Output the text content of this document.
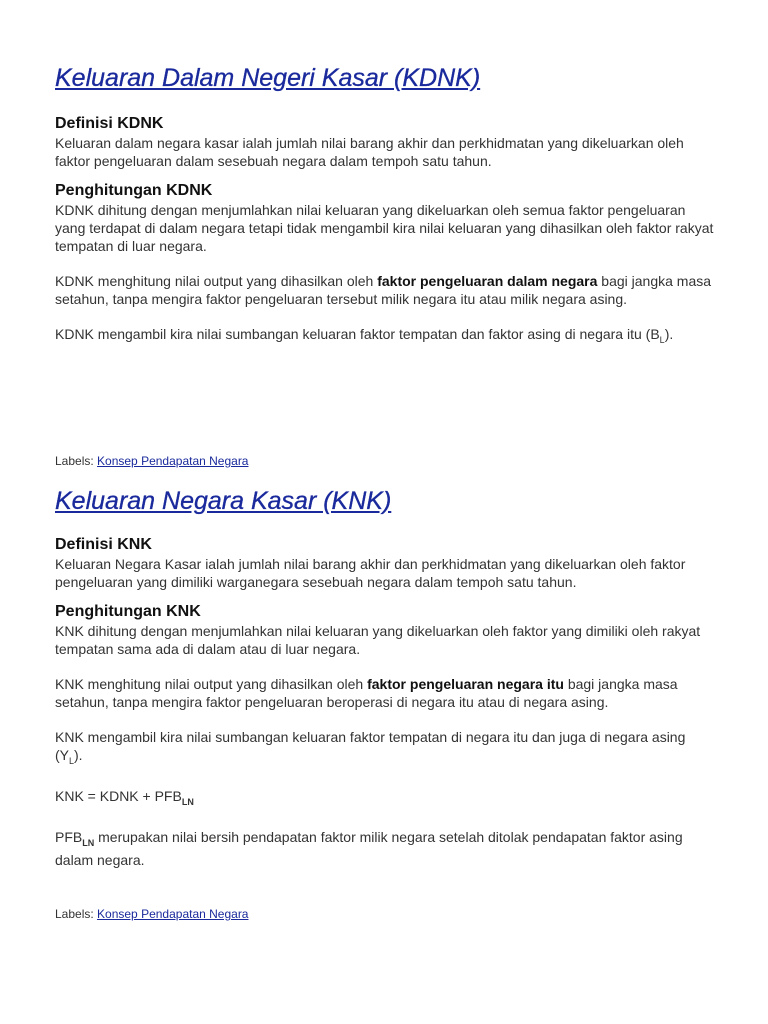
Keluaran Dalam Negeri Kasar (KDNK)
Definisi KDNK

Keluaran dalam negara kasar ialah jumlah nilai barang akhir dan perkhidmatan yang dikeluarkan oleh faktor pengeluaran dalam sesebuah negara dalam tempoh satu tahun.

Penghitungan KDNK

KDNK dihitung dengan menjumlahkan nilai keluaran yang dikeluarkan oleh semua faktor pengeluaran yang terdapat di dalam negara tetapi tidak mengambil kira nilai keluaran yang dihasilkan oleh faktor rakyat tempatan di luar negara.

KDNK menghitung nilai output yang dihasilkan oleh faktor pengeluaran dalam negara bagi jangka masa setahun, tanpa mengira faktor pengeluaran tersebut milik negara itu atau milik negara asing.

KDNK mengambil kira nilai sumbangan keluaran faktor tempatan dan faktor asing di negara itu $(B_L)$.

Labels: Konsep Pendapatan Negara
Keluaran Negara Kasar (KNK)
Definisi KNK

Keluaran Negara Kasar ialah jumlah nilai barang akhir dan perkhidmatan yang dikeluarkan oleh faktor pengeluaran yang dimiliki warganegara sesebuah negara dalam tempoh satu tahun.

Penghitungan KNK

KNK dihitung dengan menjumlahkan nilai keluaran yang dikeluarkan oleh faktor yang dimiliki oleh rakyat tempatan sama ada di dalam atau di luar negara.

KNK menghitung nilai output yang dihasilkan oleh faktor pengeluaran negara itu bagi jangka masa setahun, tanpa mengira faktor pengeluaran beroperasi di negara itu atau di negara asing.

KNK mengambil kira nilai sumbangan keluaran faktor tempatan di negara itu dan juga di negara asing $(Y_L)$.

KNK = KDNK + $PFB_{LN}$

$PFB_{LN}$ merupakan nilai bersih pendapatan faktor milik negara setelah ditolak pendapatan faktor asing dalam negara.

Labels: Konsep Pendapatan Negara
